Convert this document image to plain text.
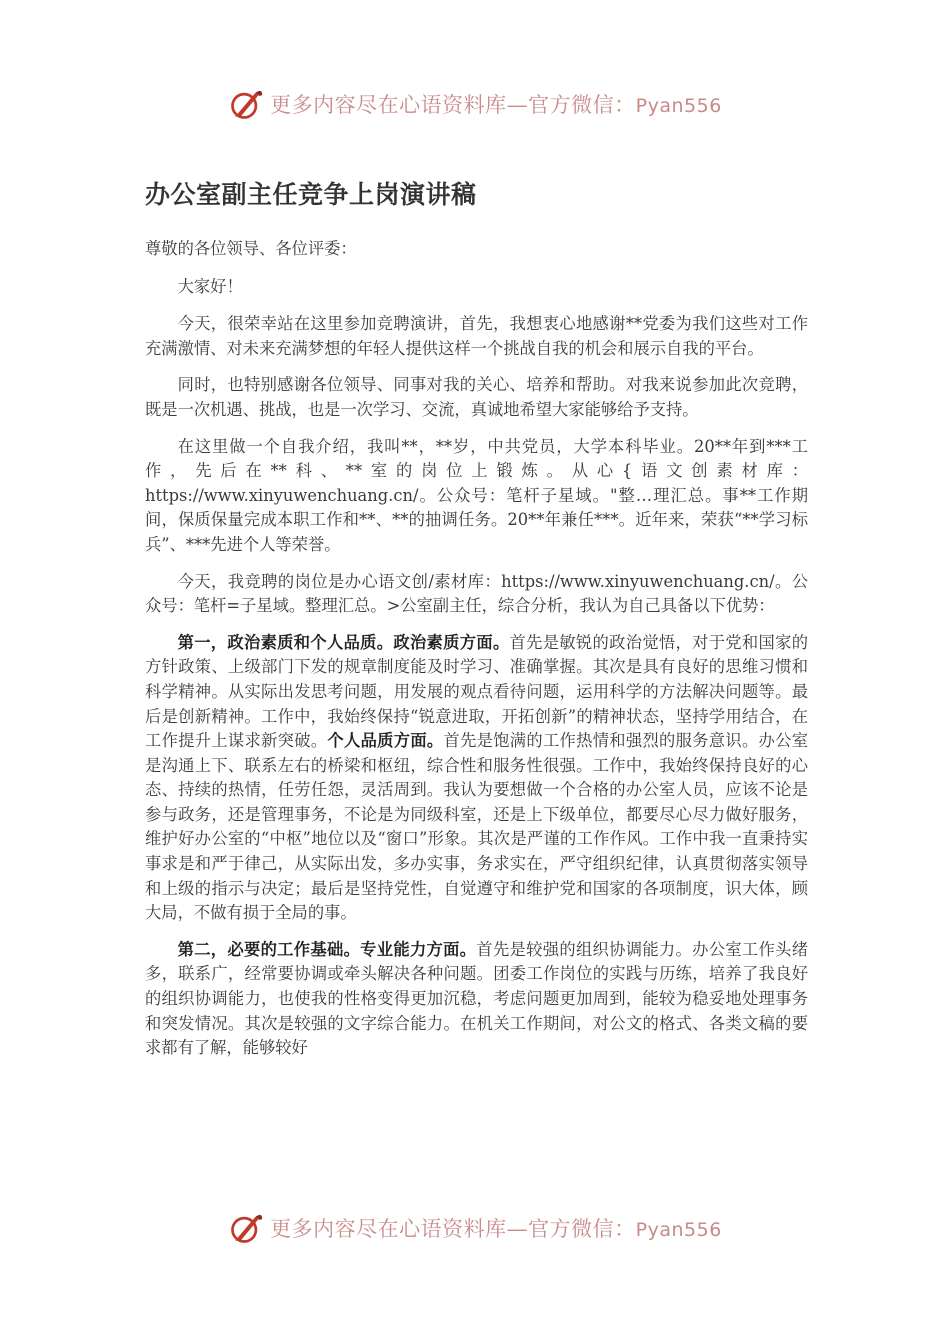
更多内容尽在心语资料库—官方微信：Pyan556
办公室副主任竞争上岗演讲稿

尊敬的各位领导、各位评委：

大家好！

今天，很荣幸站在这里参加竞聘演讲，首先，我想衷心地感谢**党委为我们这些对工作充满激情、对未来充满梦想的年轻人提供这样一个挑战自我的机会和展示自我的平台。

同时，也特别感谢各位领导、同事对我的关心、培养和帮助。对我来说参加此次竞聘，既是一次机遇、挑战，也是一次学习、交流，真诚地希望大家能够给予支持。

在这里做一个自我介绍，我叫**，**岁，中共党员，大学本科毕业。20**年到***工作，先后在**科、**室的岗位上锻炼。从心{语文创素材库：https://www.xinyuwenchuang.cn/。公众号：笔杆子星域。"整…理汇总。事**工作期间，保质保量完成本职工作和**、**的抽调任务。20**年兼任***。近年来，荣获“**学习标兵”、***先进个人等荣誉。

今天，我竞聘的岗位是办心语文创/素材库：https://www.xinyuwenchuang.cn/。公众号：笔杆=子星域。整理汇总。>公室副主任，综合分析，我认为自己具备以下优势：

第一，政治素质和个人品质。政治素质方面。首先是敏锐的政治觉悟，对于党和国家的方针政策、上级部门下发的规章制度能及时学习、准确掌握。其次是具有良好的思维习惯和科学精神。从实际出发思考问题，用发展的观点看待问题，运用科学的方法解决问题等。最后是创新精神。工作中，我始终保持“锐意进取，开拓创新”的精神状态，坚持学用结合，在工作提升上谋求新突破。个人品质方面。首先是饱满的工作热情和强烈的服务意识。办公室是沟通上下、联系左右的桥梁和枢纽，综合性和服务性很强。工作中，我始终保持良好的心态、持续的热情，任劳任怨，灵活周到。我认为要想做一个合格的办公室人员，应该不论是参与政务，还是管理事务，不论是为同级科室，还是上下级单位，都要尽心尽力做好服务，维护好办公室的“中枢”地位以及“窗口”形象。其次是严谨的工作作风。工作中我一直秉持实事求是和严于律己，从实际出发，多办实事，务求实在，严守组织纪律，认真贯彻落实领导和上级的指示与决定；最后是坚持党性，自觉遵守和维护党和国家的各项制度，识大体，顾大局，不做有损于全局的事。

第二，必要的工作基础。专业能力方面。首先是较强的组织协调能力。办公室工作头绪多，联系广，经常要协调或牵头解决各种问题。团委工作岗位的实践与历练，培养了我良好的组织协调能力，也使我的性格变得更加沉稳，考虑问题更加周到，能较为稳妥地处理事务和突发情况。其次是较强的文字综合能力。在机关工作期间，对公文的格式、各类文稿的要求都有了解，能够较好

更多内容尽在心语资料库—官方微信：Pyan556
